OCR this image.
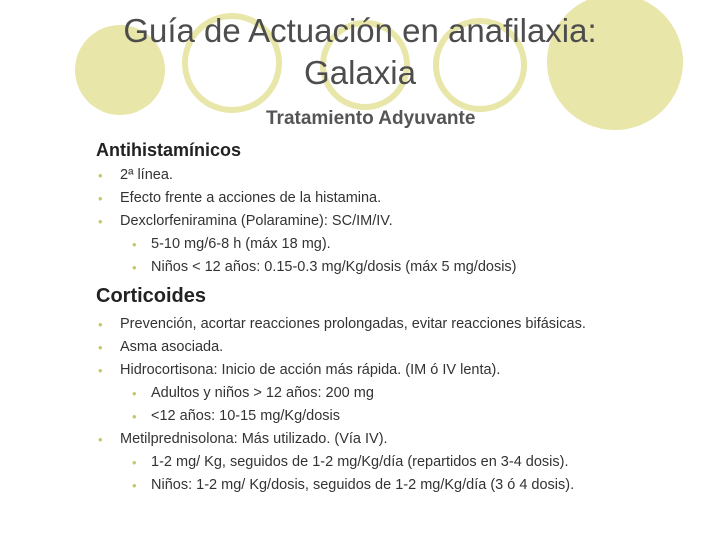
Guía de Actuación en anafilaxia:
Galaxia
Tratamiento Adyuvante
Antihistamínicos
• 2ª línea.
• Efecto frente a acciones de la histamina.
• Dexclorfeniramina (Polaramine): SC/IM/IV.
• 5-10 mg/6-8 h (máx 18 mg).
• Niños < 12 años: 0.15-0.3 mg/Kg/dosis (máx 5 mg/dosis)
Corticoides
• Prevención, acortar reacciones prolongadas, evitar reacciones bifásicas.
• Asma asociada.
• Hidrocortisona: Inicio de acción más rápida. (IM ó IV lenta).
• Adultos y niños > 12 años: 200 mg
• <12 años: 10-15 mg/Kg/dosis
• Metilprednisolona: Más utilizado. (Vía IV).
• 1-2 mg/ Kg, seguidos de 1-2 mg/Kg/día (repartidos en 3-4 dosis).
• Niños: 1-2 mg/ Kg/dosis, seguidos de 1-2 mg/Kg/día (3 ó 4 dosis).
